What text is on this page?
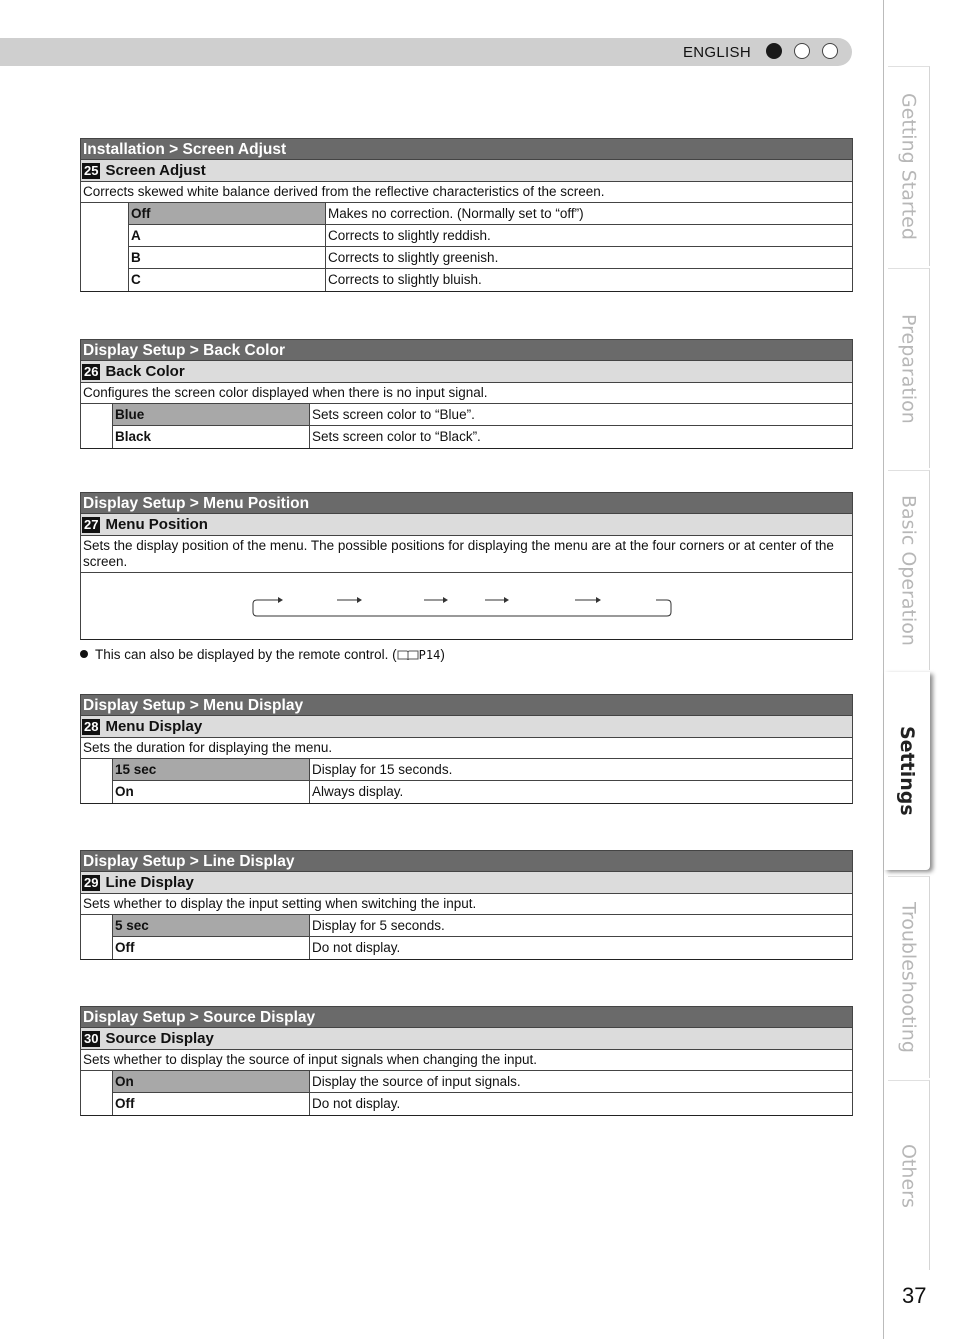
ENGLISH
Getting Started
Preparation
Basic Operation
Settings
Troubleshooting
Others
37
Installation > Screen Adjust
25 Screen Adjust
Corrects skewed white balance derived from the reflective characteristics of the screen.
Off	Makes no correction. (Normally set to “off”)
A	Corrects to slightly reddish.
B	Corrects to slightly greenish.
C	Corrects to slightly bluish.
Display Setup > Back Color
26 Back Color
Configures the screen color displayed when there is no input signal.
Blue	Sets screen color to “Blue”.
Black	Sets screen color to “Black”.
Display Setup > Menu Position
27 Menu Position
Sets the display position of the menu. The possible positions for displaying the menu are at the four corners or at center of the screen.
This can also be displayed by the remote control. ( P14)
Display Setup > Menu Display
28 Menu Display
Sets the duration for displaying the menu.
15 sec	Display for 15 seconds.
On	Always display.
Display Setup > Line Display
29 Line Display
Sets whether to display the input setting when switching the input.
5 sec	Display for 5 seconds.
Off	Do not display.
Display Setup > Source Display
30 Source Display
Sets whether to display the source of input signals when changing the input.
On	Display the source of input signals.
Off	Do not display.
